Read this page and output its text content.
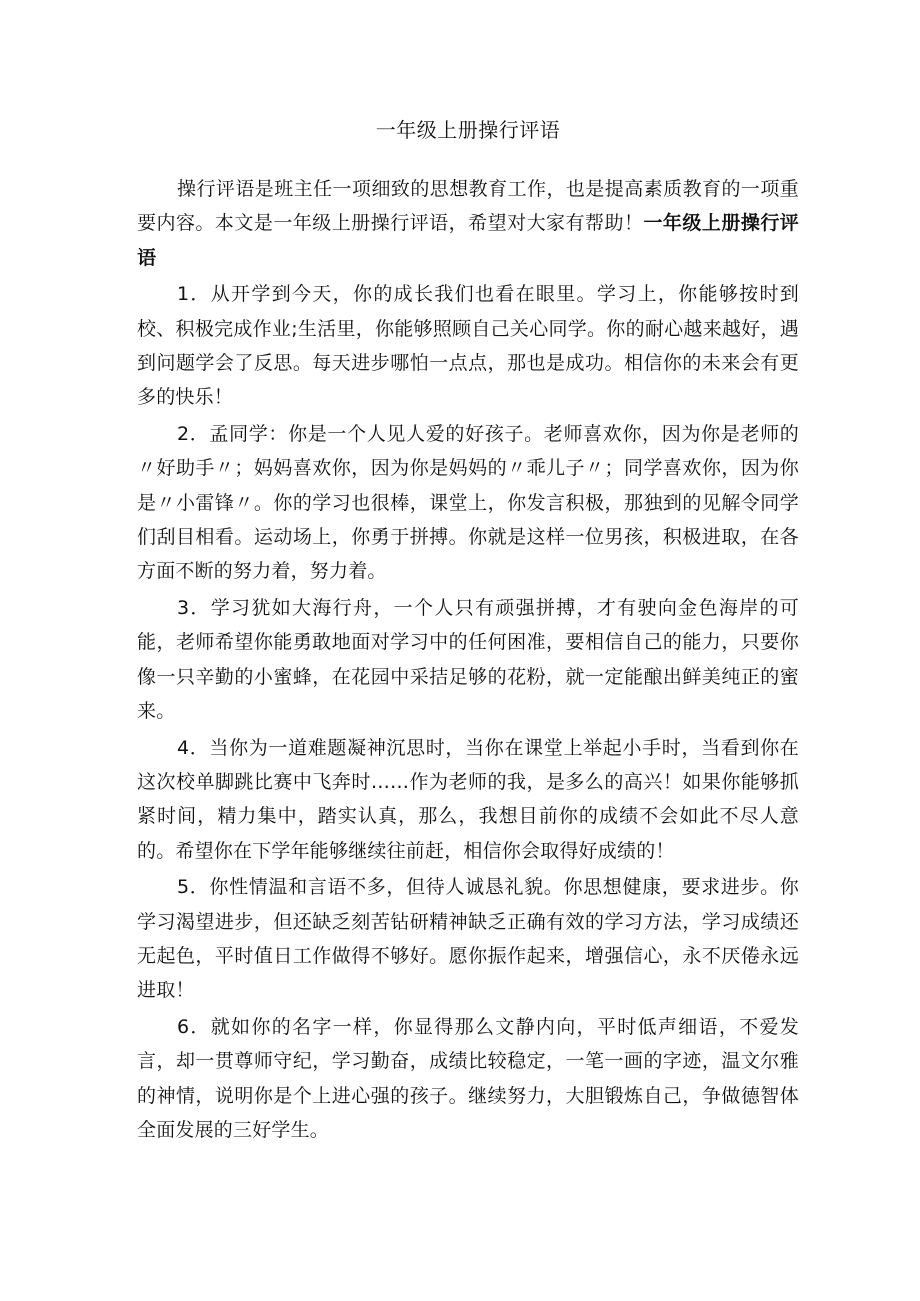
一年级上册操行评语

操行评语是班主任一项细致的思想教育工作，也是提高素质教育的一项重要内容。本文是一年级上册操行评语，希望对大家有帮助！一年级上册操行评语

1．从开学到今天，你的成长我们也看在眼里。学习上，你能够按时到校、积极完成作业;生活里，你能够照顾自己关心同学。你的耐心越来越好，遇到问题学会了反思。每天进步哪怕一点点，那也是成功。相信你的未来会有更多的快乐！

2．孟同学：你是一个人见人爱的好孩子。老师喜欢你，因为你是老师的〃好助手〃；妈妈喜欢你，因为你是妈妈的〃乖儿子〃；同学喜欢你，因为你是〃小雷锋〃。你的学习也很棒，课堂上，你发言积极，那独到的见解令同学们刮目相看。运动场上，你勇于拼搏。你就是这样一位男孩，积极进取，在各方面不断的努力着，努力着。

3．学习犹如大海行舟，一个人只有顽强拼搏，才有驶向金色海岸的可能，老师希望你能勇敢地面对学习中的任何困准，要相信自己的能力，只要你像一只辛勤的小蜜蜂，在花园中采拮足够的花粉，就一定能酿出鲜美纯正的蜜来。

4．当你为一道难题凝神沉思时，当你在课堂上举起小手时，当看到你在这次校单脚跳比赛中飞奔时……作为老师的我，是多么的高兴！如果你能够抓紧时间，精力集中，踏实认真，那么，我想目前你的成绩不会如此不尽人意的。希望你在下学年能够继续往前赶，相信你会取得好成绩的！

5．你性情温和言语不多，但待人诚恳礼貌。你思想健康，要求进步。你学习渴望进步，但还缺乏刻苦钻研精神缺乏正确有效的学习方法，学习成绩还无起色，平时值日工作做得不够好。愿你振作起来，增强信心，永不厌倦永远进取！

6．就如你的名字一样，你显得那么文静内向，平时低声细语，不爱发言，却一贯尊师守纪，学习勤奋，成绩比较稳定，一笔一画的字迹，温文尔雅的神情，说明你是个上进心强的孩子。继续努力，大胆锻炼自己，争做德智体全面发展的三好学生。
